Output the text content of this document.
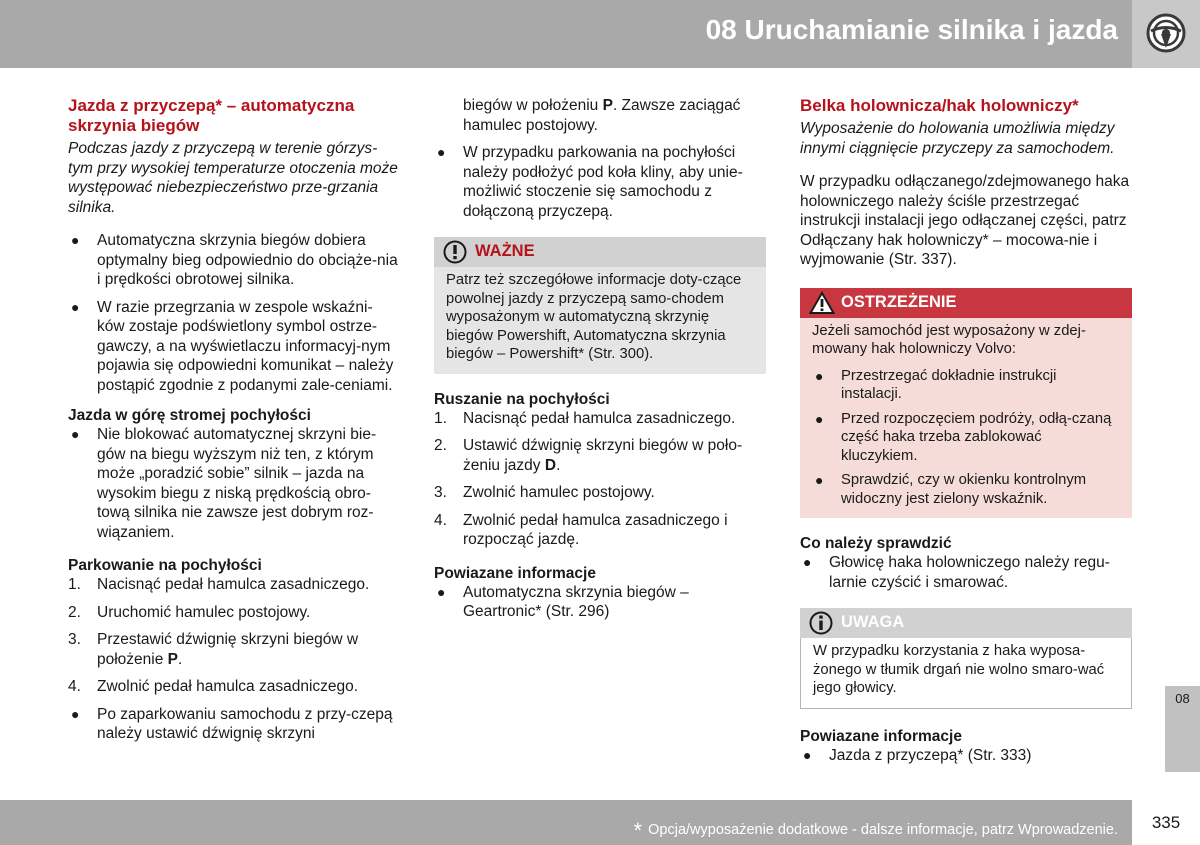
08 Uruchamianie silnika i jazda
Jazda z przyczepą* – automatyczna skrzynia biegów

Podczas jazdy z przyczepą w terenie górzys-tym przy wysokiej temperaturze otoczenia może występować niebezpieczeństwo prze-grzania silnika.

●	Automatyczna skrzynia biegów dobiera optymalny bieg odpowiednio do obciąże-nia i prędkości obrotowej silnika.
●	W razie przegrzania w zespole wskaźni-ków zostaje podświetlony symbol ostrze-gawczy, a na wyświetlaczu informacyj-nym pojawia się odpowiedni komunikat – należy postąpić zgodnie z podanymi zale-ceniami.
Jazda w górę stromej pochyłości
●	Nie blokować automatycznej skrzyni bie-gów na biegu wyższym niż ten, z którym może „poradzić sobie” silnik – jazda na wysokim biegu z niską prędkością obro-tową silnika nie zawsze jest dobrym roz-wiązaniem.
Parkowanie na pochyłości
1.	Nacisnąć pedał hamulca zasadniczego.
2.	Uruchomić hamulec postojowy.
3.	Przestawić dźwignię skrzyni biegów w położenie P.
4.	Zwolnić pedał hamulca zasadniczego.
●	Po zaparkowaniu samochodu z przy-czepą należy ustawić dźwignię skrzyni

biegów w położeniu P. Zawsze zaciągać hamulec postojowy.

●	W przypadku parkowania na pochyłości należy podłożyć pod koła kliny, aby unie-możliwić stoczenie się samochodu z dołączoną przyczepą.
WAŻNE
Patrz też szczegółowe informacje doty-czące powolnej jazdy z przyczepą samo-chodem wyposażonym w automatyczną skrzynię biegów Powershift, Automatyczna skrzynia biegów – Powershift* (Str. 300).
Ruszanie na pochyłości
1.	Nacisnąć pedał hamulca zasadniczego.
2.	Ustawić dźwignię skrzyni biegów w poło-żeniu jazdy D.
3.	Zwolnić hamulec postojowy.
4.	Zwolnić pedał hamulca zasadniczego i rozpocząć jazdę.
Powiazane informacje
●	Automatyczna skrzynia biegów – Geartronic* (Str. 296)
Belka holownicza/hak holowniczy*

Wyposażenie do holowania umożliwia między innymi ciągnięcie przyczepy za samochodem.

W przypadku odłączanego/zdejmowanego haka holowniczego należy ściśle przestrzegać instrukcji instalacji jego odłączanej części, patrz Odłączany hak holowniczy* – mocowa-nie i wyjmowanie (Str. 337).

OSTRZEŻENIE

Jeżeli samochód jest wyposażony w zdej-mowany hak holowniczy Volvo:

●	Przestrzegać dokładnie instrukcji instalacji.
●	Przed rozpoczęciem podróży, odłą-czaną część haka trzeba zablokować kluczykiem.
●	Sprawdzić, czy w okienku kontrolnym widoczny jest zielony wskaźnik.
Co należy sprawdzić
●	Głowicę haka holowniczego należy regu-larnie czyścić i smarować.
UWAGA
W przypadku korzystania z haka wyposa-żonego w tłumik drgań nie wolno smaro-wać jego głowicy.
Powiazane informacje
●	Jazda z przyczepą* (Str. 333)
08
* Opcja/wyposażenie dodatkowe - dalsze informacje, patrz Wprowadzenie.	335
